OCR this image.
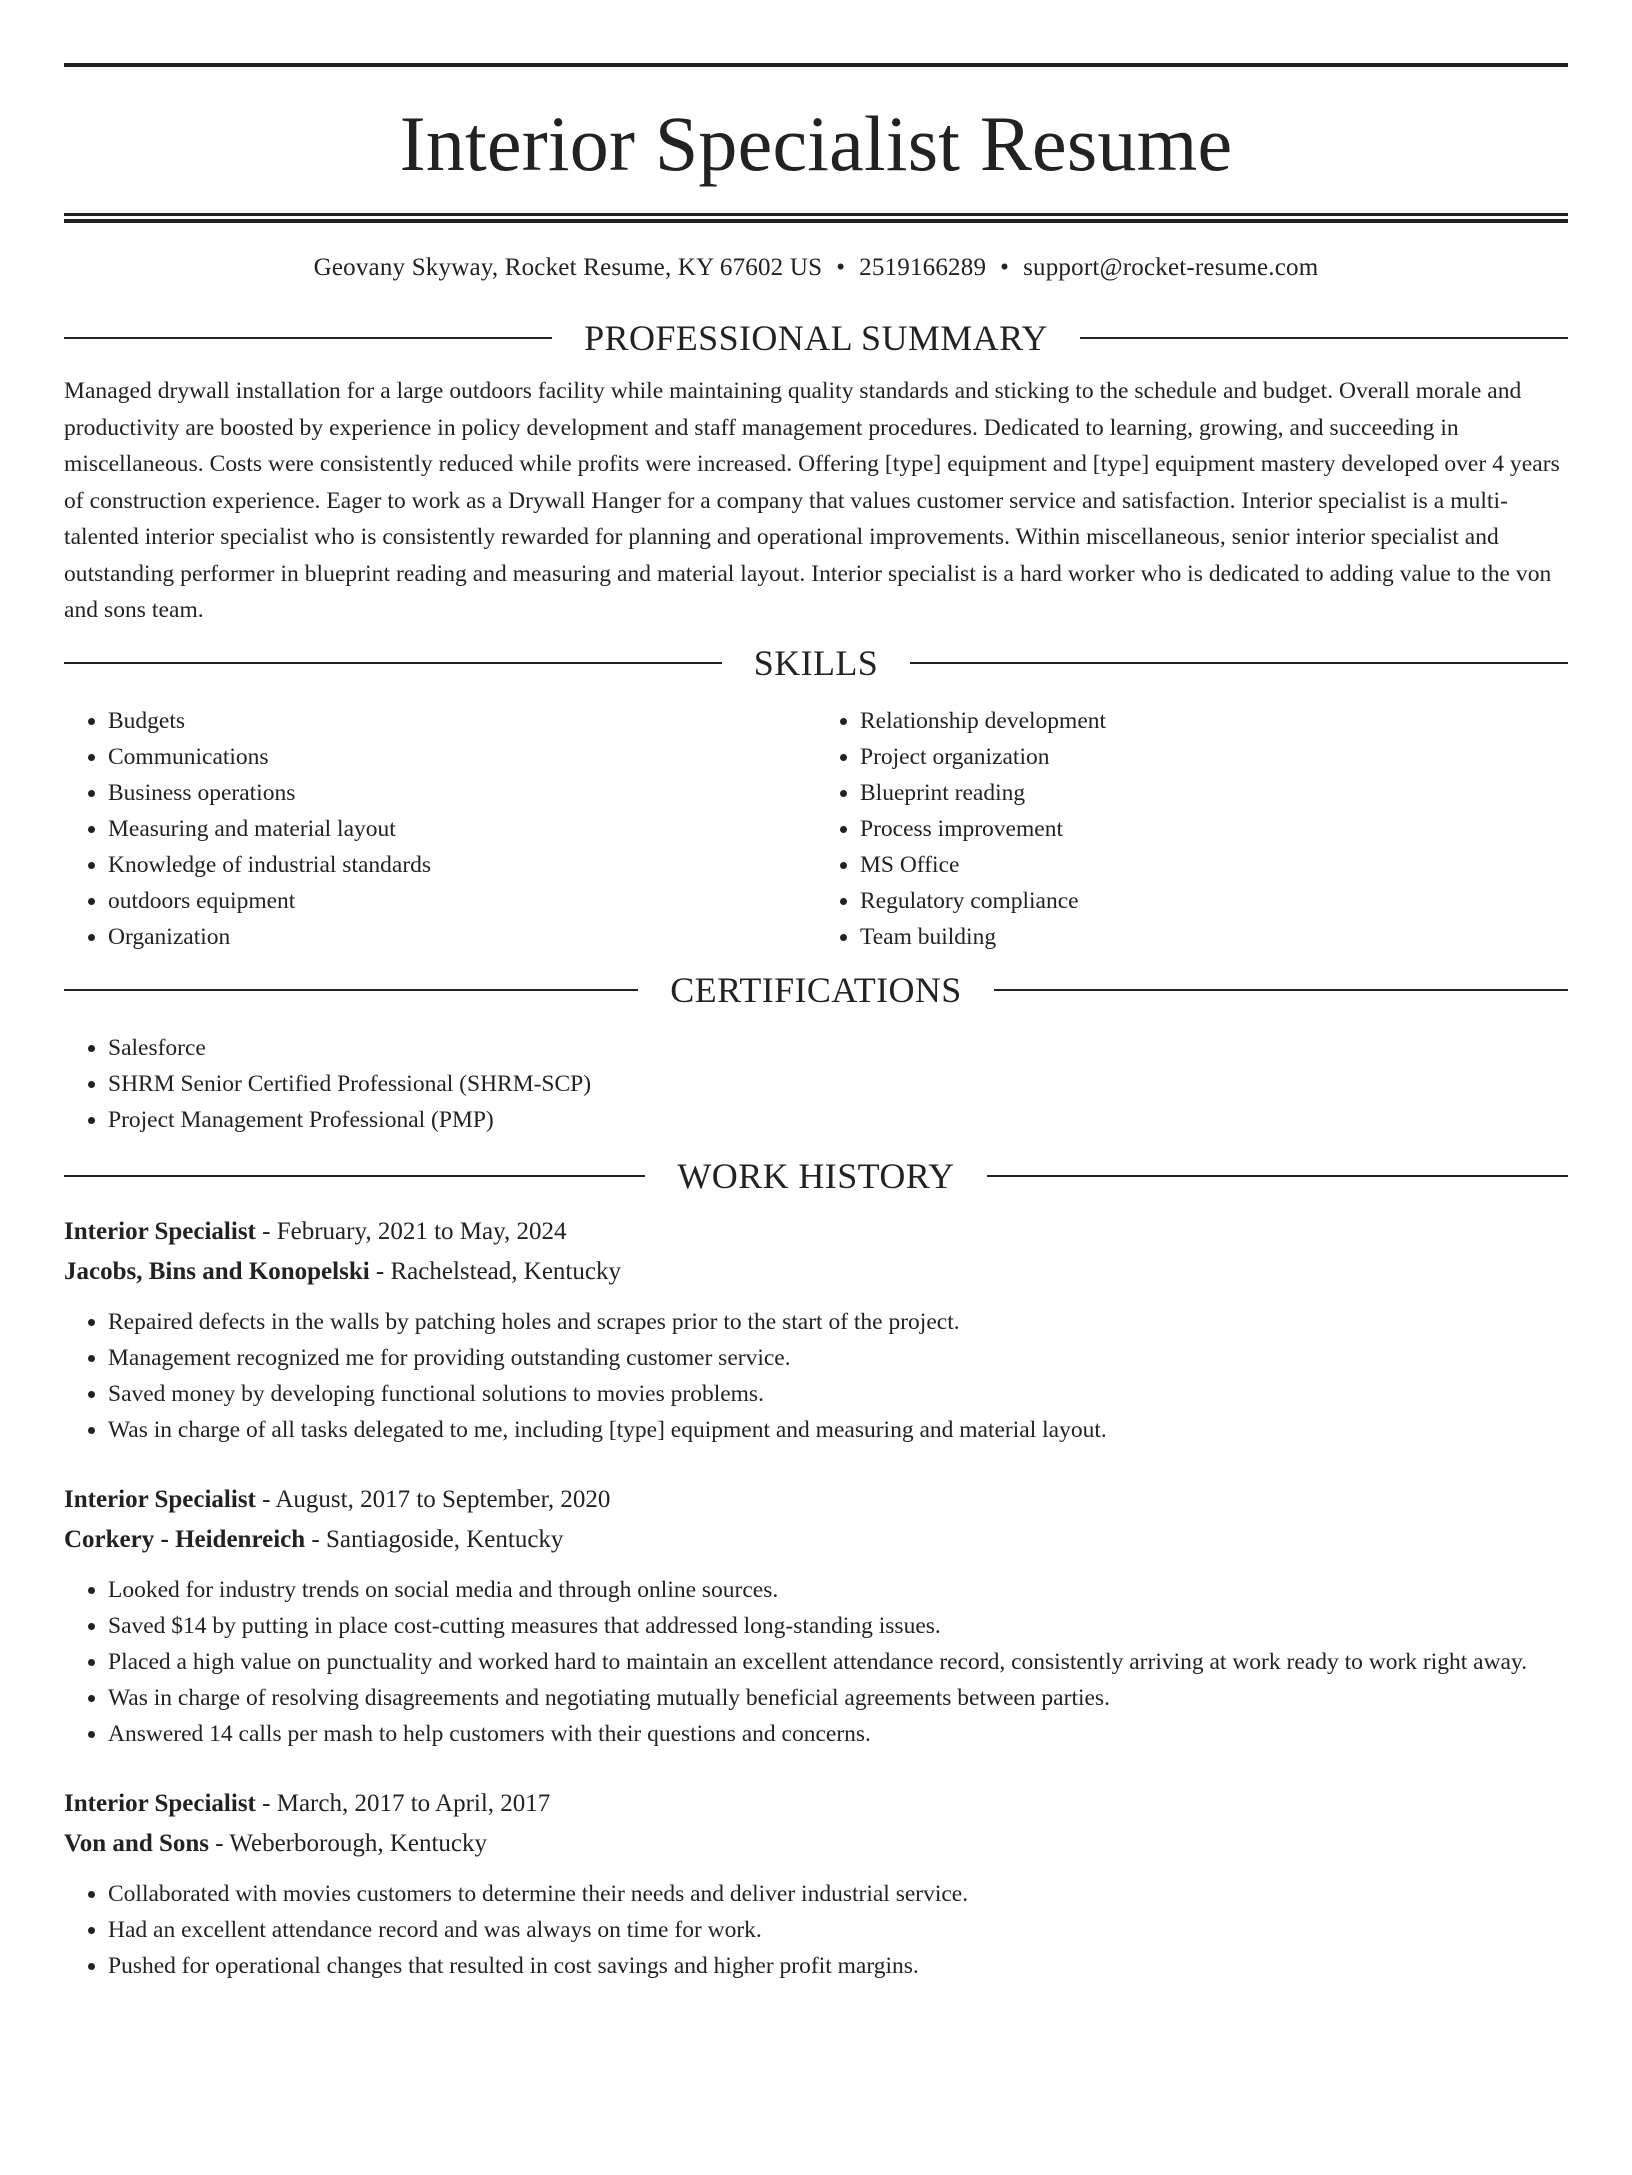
Interior Specialist Resume
Geovany Skyway, Rocket Resume, KY 67602 US • 2519166289 • support@rocket-resume.com
PROFESSIONAL SUMMARY

Managed drywall installation for a large outdoors facility while maintaining quality standards and sticking to the schedule and budget. Overall morale and productivity are boosted by experience in policy development and staff management procedures. Dedicated to learning, growing, and succeeding in miscellaneous. Costs were consistently reduced while profits were increased. Offering [type] equipment and [type] equipment mastery developed over 4 years of construction experience. Eager to work as a Drywall Hanger for a company that values customer service and satisfaction. Interior specialist is a multi-talented interior specialist who is consistently rewarded for planning and operational improvements. Within miscellaneous, senior interior specialist and outstanding performer in blueprint reading and measuring and material layout. Interior specialist is a hard worker who is dedicated to adding value to the von and sons team.

SKILLS
• Budgets
• Communications
• Business operations
• Measuring and material layout
• Knowledge of industrial standards
• outdoors equipment
• Organization
• Relationship development
• Project organization
• Blueprint reading
• Process improvement
• MS Office
• Regulatory compliance
• Team building
CERTIFICATIONS
• Salesforce
• SHRM Senior Certified Professional (SHRM-SCP)
• Project Management Professional (PMP)
WORK HISTORY
Interior Specialist - February, 2021 to May, 2024
Jacobs, Bins and Konopelski - Rachelstead, Kentucky
• Repaired defects in the walls by patching holes and scrapes prior to the start of the project.
• Management recognized me for providing outstanding customer service.
• Saved money by developing functional solutions to movies problems.
• Was in charge of all tasks delegated to me, including [type] equipment and measuring and material layout.
Interior Specialist - August, 2017 to September, 2020
Corkery - Heidenreich - Santiagoside, Kentucky
• Looked for industry trends on social media and through online sources.
• Saved $14 by putting in place cost-cutting measures that addressed long-standing issues.
• Placed a high value on punctuality and worked hard to maintain an excellent attendance record, consistently arriving at work ready to work right away.
• Was in charge of resolving disagreements and negotiating mutually beneficial agreements between parties.
• Answered 14 calls per mash to help customers with their questions and concerns.
Interior Specialist - March, 2017 to April, 2017
Von and Sons - Weberborough, Kentucky
• Collaborated with movies customers to determine their needs and deliver industrial service.
• Had an excellent attendance record and was always on time for work.
• Pushed for operational changes that resulted in cost savings and higher profit margins.
